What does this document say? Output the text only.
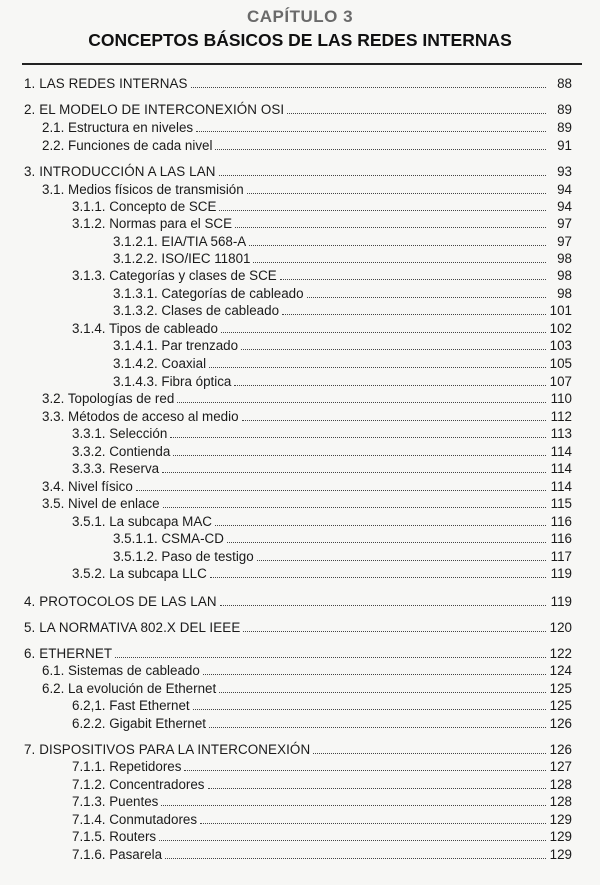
CAPÍTULO 3
CONCEPTOS BÁSICOS DE LAS REDES INTERNAS
1. LAS REDES INTERNAS	88
2. EL MODELO DE INTERCONEXIÓN OSI	89
2.1. Estructura en niveles	89
2.2. Funciones de cada nivel	91
3. INTRODUCCIÓN A LAS LAN	93
3.1. Medios físicos de transmisión	94
3.1.1. Concepto de SCE	94
3.1.2. Normas para el SCE	97
3.1.2.1. EIA/TIA 568-A	97
3.1.2.2. ISO/IEC 11801	98
3.1.3. Categorías y clases de SCE	98
3.1.3.1. Categorías de cableado	98
3.1.3.2. Clases de cableado	101
3.1.4. Tipos de cableado	102
3.1.4.1. Par trenzado	103
3.1.4.2. Coaxial	105
3.1.4.3. Fibra óptica	107
3.2. Topologías de red	110
3.3. Métodos de acceso al medio	112
3.3.1. Selección	113
3.3.2. Contienda	114
3.3.3. Reserva	114
3.4. Nivel físico	114
3.5. Nivel de enlace	115
3.5.1. La subcapa MAC	116
3.5.1.1. CSMA-CD	116
3.5.1.2. Paso de testigo	117
3.5.2. La subcapa LLC	119
4. PROTOCOLOS DE LAS LAN	119
5. LA NORMATIVA 802.X DEL IEEE	120
6. ETHERNET	122
6.1. Sistemas de cableado	124
6.2. La evolución de Ethernet	125
6.2,1. Fast Ethernet	125
6.2.2. Gigabit Ethernet	126
7. DISPOSITIVOS PARA LA INTERCONEXIÓN	126
7.1.1. Repetidores	127
7.1.2. Concentradores	128
7.1.3. Puentes	128
7.1.4. Conmutadores	129
7.1.5. Routers	129
7.1.6. Pasarela	129
